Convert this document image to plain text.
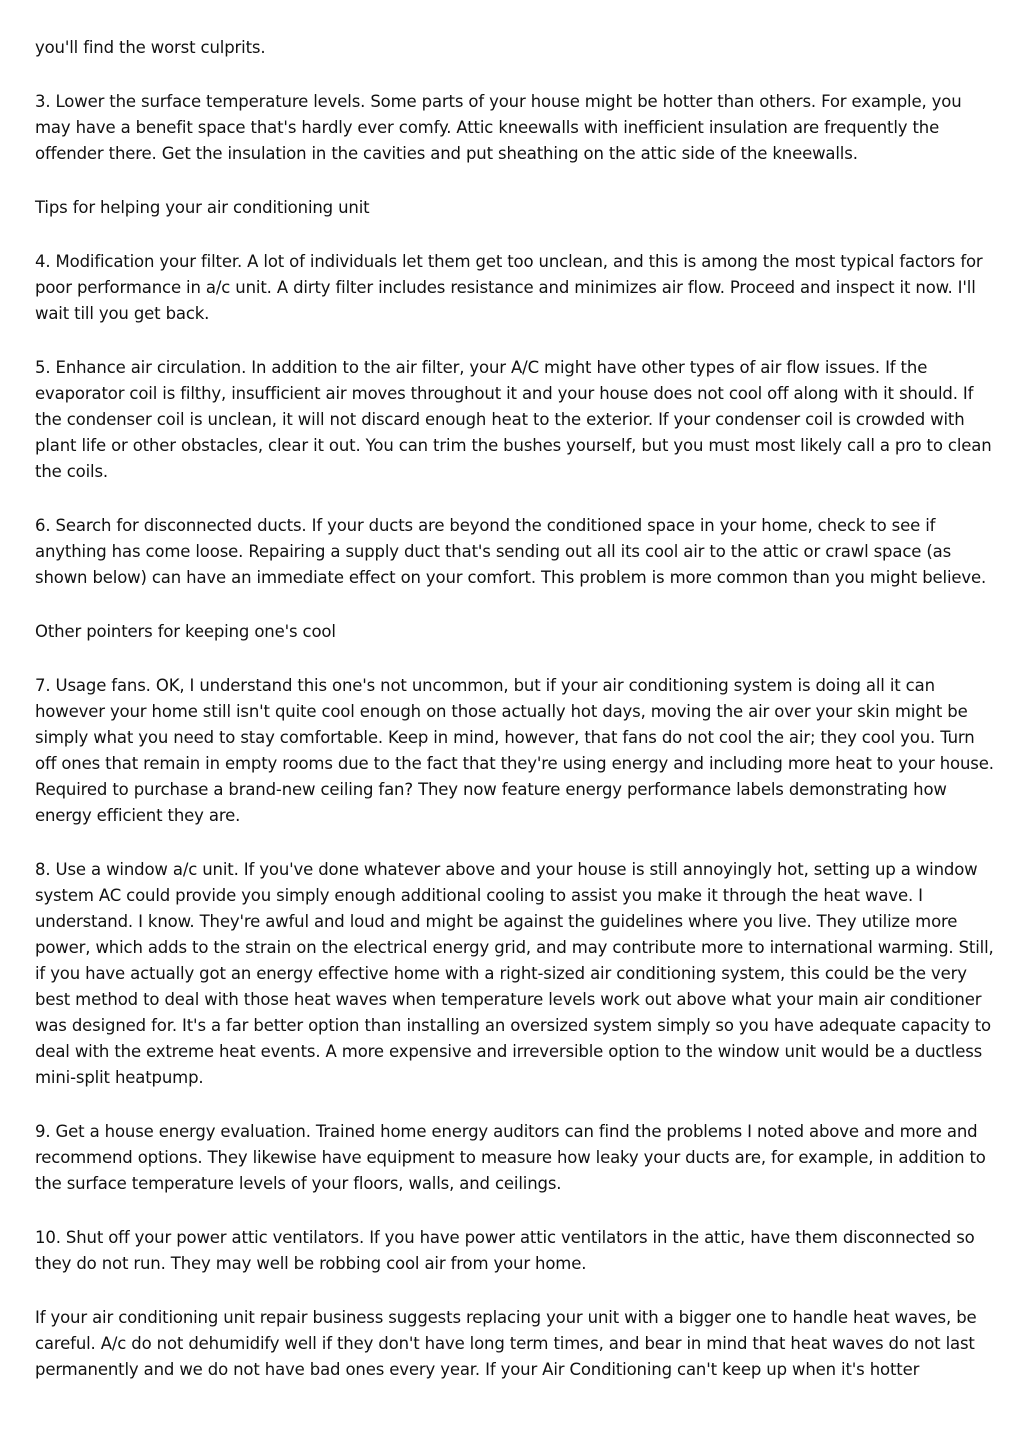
you'll find the worst culprits.

3. Lower the surface temperature levels. Some parts of your house might be hotter than others. For example, you may have a benefit space that's hardly ever comfy. Attic kneewalls with inefficient insulation are frequently the offender there. Get the insulation in the cavities and put sheathing on the attic side of the kneewalls.

Tips for helping your air conditioning unit

4. Modification your filter. A lot of individuals let them get too unclean, and this is among the most typical factors for poor performance in a/c unit. A dirty filter includes resistance and minimizes air flow. Proceed and inspect it now. I'll wait till you get back.

5. Enhance air circulation. In addition to the air filter, your A/C might have other types of air flow issues. If the evaporator coil is filthy, insufficient air moves throughout it and your house does not cool off along with it should. If the condenser coil is unclean, it will not discard enough heat to the exterior. If your condenser coil is crowded with plant life or other obstacles, clear it out. You can trim the bushes yourself, but you must most likely call a pro to clean the coils.

6. Search for disconnected ducts. If your ducts are beyond the conditioned space in your home, check to see if anything has come loose. Repairing a supply duct that's sending out all its cool air to the attic or crawl space (as shown below) can have an immediate effect on your comfort. This problem is more common than you might believe.

Other pointers for keeping one's cool

7. Usage fans. OK, I understand this one's not uncommon, but if your air conditioning system is doing all it can however your home still isn't quite cool enough on those actually hot days, moving the air over your skin might be simply what you need to stay comfortable. Keep in mind, however, that fans do not cool the air; they cool you. Turn off ones that remain in empty rooms due to the fact that they're using energy and including more heat to your house. Required to purchase a brand-new ceiling fan? They now feature energy performance labels demonstrating how energy efficient they are.

8. Use a window a/c unit. If you've done whatever above and your house is still annoyingly hot, setting up a window system AC could provide you simply enough additional cooling to assist you make it through the heat wave. I understand. I know. They're awful and loud and might be against the guidelines where you live. They utilize more power, which adds to the strain on the electrical energy grid, and may contribute more to international warming. Still, if you have actually got an energy effective home with a right-sized air conditioning system, this could be the very best method to deal with those heat waves when temperature levels work out above what your main air conditioner was designed for. It's a far better option than installing an oversized system simply so you have adequate capacity to deal with the extreme heat events. A more expensive and irreversible option to the window unit would be a ductless mini-split heatpump.

9. Get a house energy evaluation. Trained home energy auditors can find the problems I noted above and more and recommend options. They likewise have equipment to measure how leaky your ducts are, for example, in addition to the surface temperature levels of your floors, walls, and ceilings.

10. Shut off your power attic ventilators. If you have power attic ventilators in the attic, have them disconnected so they do not run. They may well be robbing cool air from your home.

If your air conditioning unit repair business suggests replacing your unit with a bigger one to handle heat waves, be careful. A/c do not dehumidify well if they don't have long term times, and bear in mind that heat waves do not last permanently and we do not have bad ones every year. If your Air Conditioning can't keep up when it's hotter
